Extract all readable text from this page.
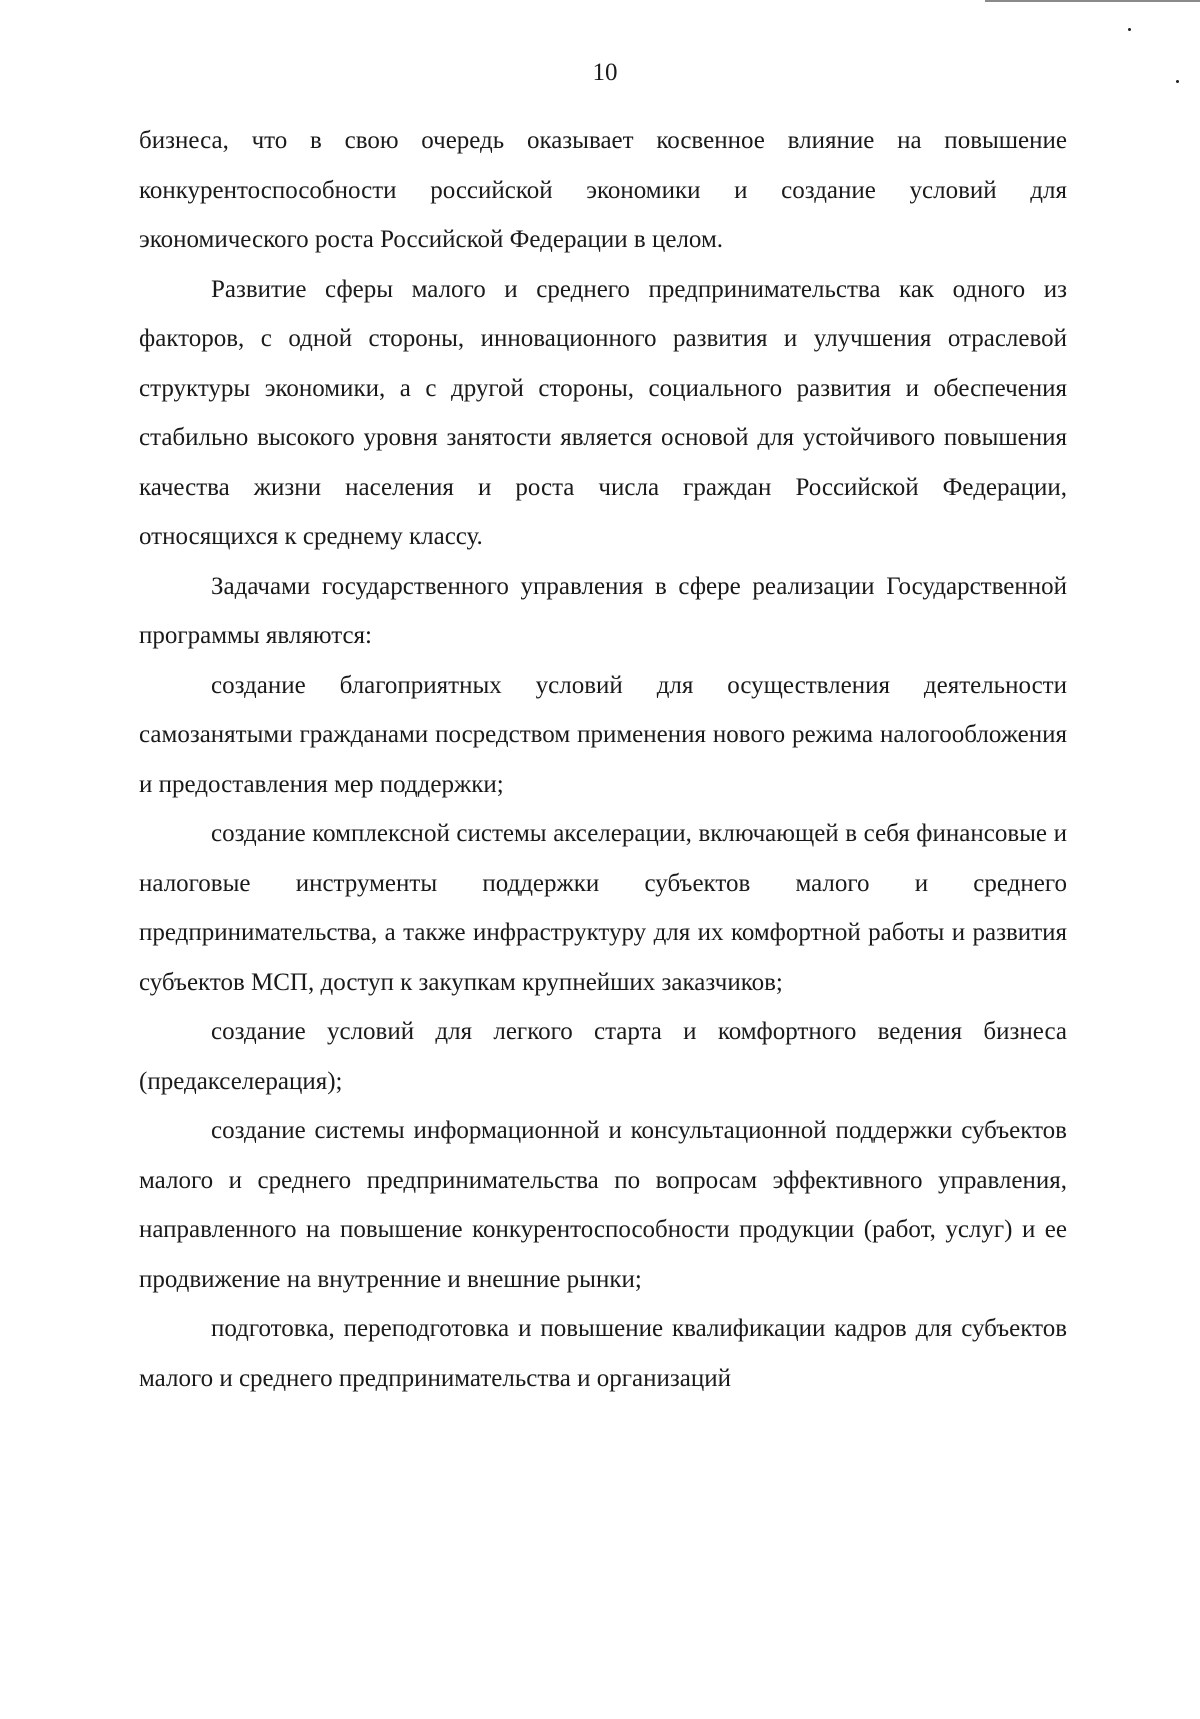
10

бизнеса, что в свою очередь оказывает косвенное влияние на повышение конкурентоспособности российской экономики и создание условий для экономического роста Российской Федерации в целом.

Развитие сферы малого и среднего предпринимательства как одного из факторов, с одной стороны, инновационного развития и улучшения отраслевой структуры экономики, а с другой стороны, социального развития и обеспечения стабильно высокого уровня занятости является основой для устойчивого повышения качества жизни населения и роста числа граждан Российской Федерации, относящихся к среднему классу.

Задачами государственного управления в сфере реализации Государственной программы являются:

создание благоприятных условий для осуществления деятельности самозанятыми гражданами посредством применения нового режима налогообложения и предоставления мер поддержки;

создание комплексной системы акселерации, включающей в себя финансовые и налоговые инструменты поддержки субъектов малого и среднего предпринимательства, а также инфраструктуру для их комфортной работы и развития субъектов МСП, доступ к закупкам крупнейших заказчиков;

создание условий для легкого старта и комфортного ведения бизнеса (предакселерация);

создание системы информационной и консультационной поддержки субъектов малого и среднего предпринимательства по вопросам эффективного управления, направленного на повышение конкурентоспособности продукции (работ, услуг) и ее продвижение на внутренние и внешние рынки;

подготовка, переподготовка и повышение квалификации кадров для субъектов малого и среднего предпринимательства и организаций
